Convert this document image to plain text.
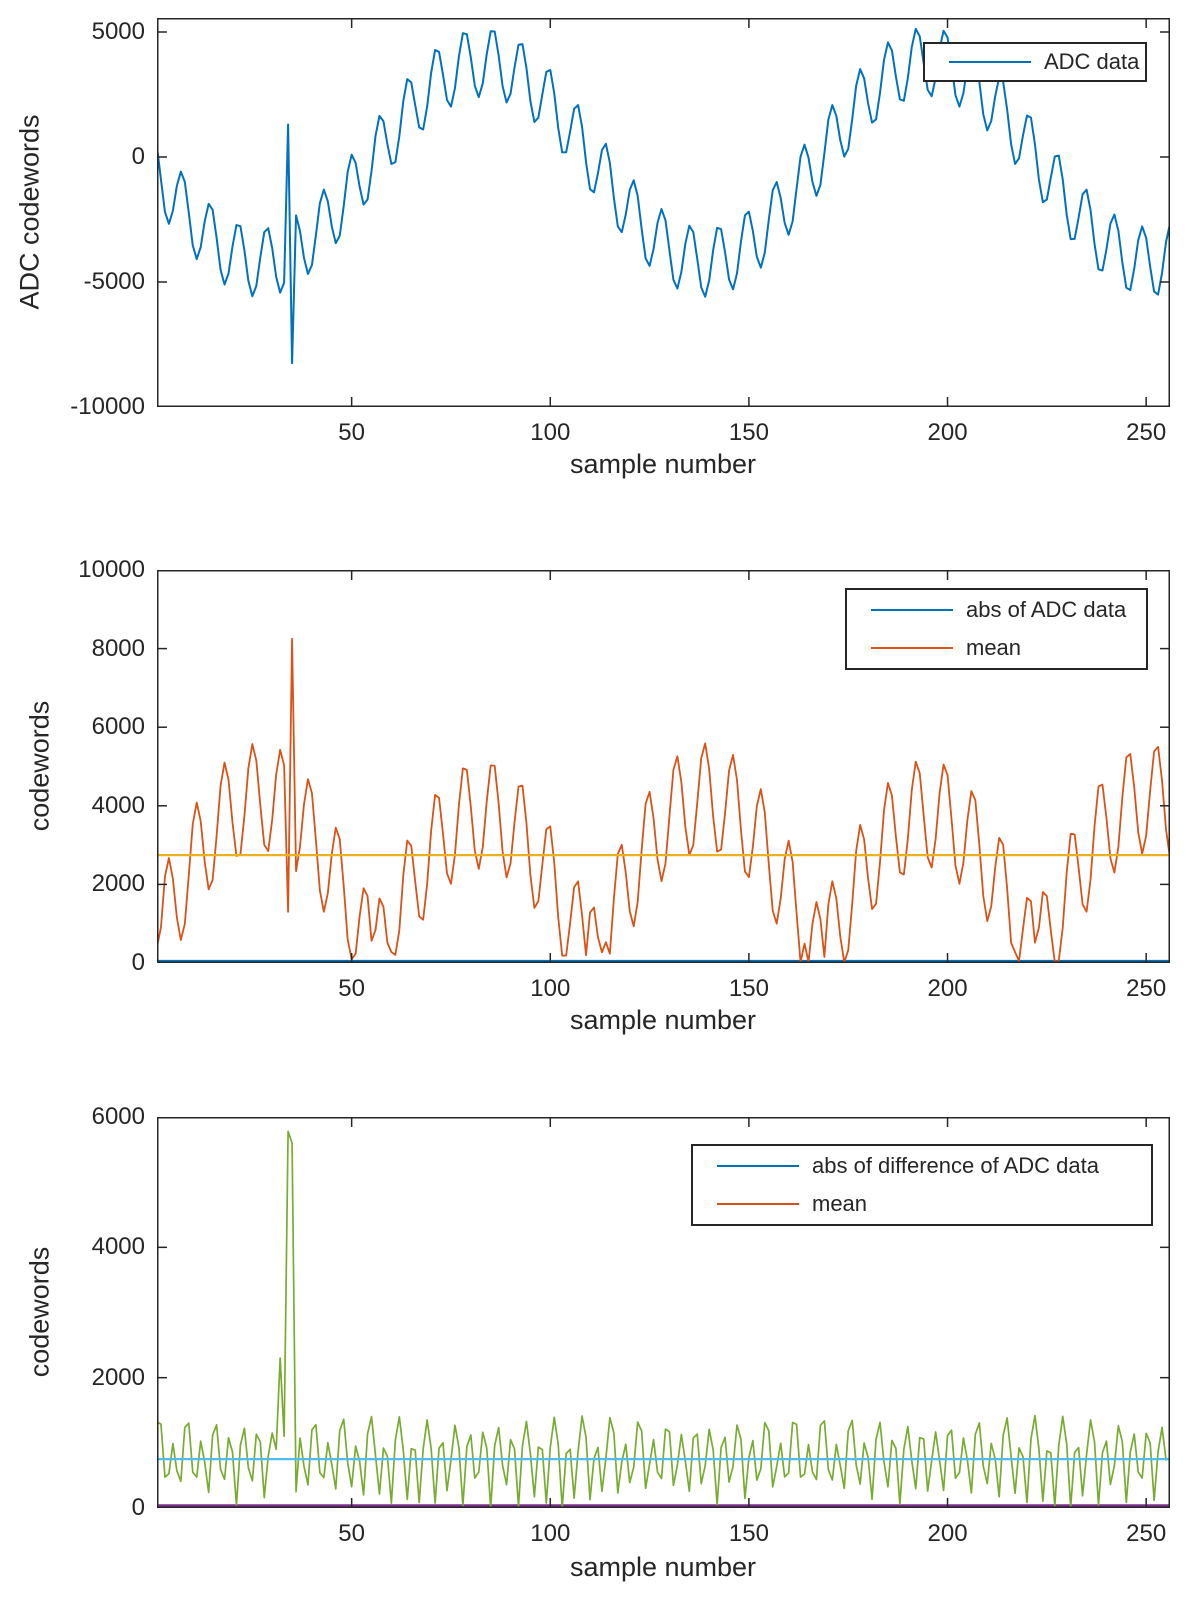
ADC codewords
sample number
ADC data
codewords
sample number
abs of ADC data
mean
codewords
sample number
abs of difference of ADC data
mean
50	100	150	200	250
5000
0
-5000
-10000
50	100	150	200	250
10000
8000
6000
4000
2000
0
50	100	150	200	250
6000
4000
2000
0
